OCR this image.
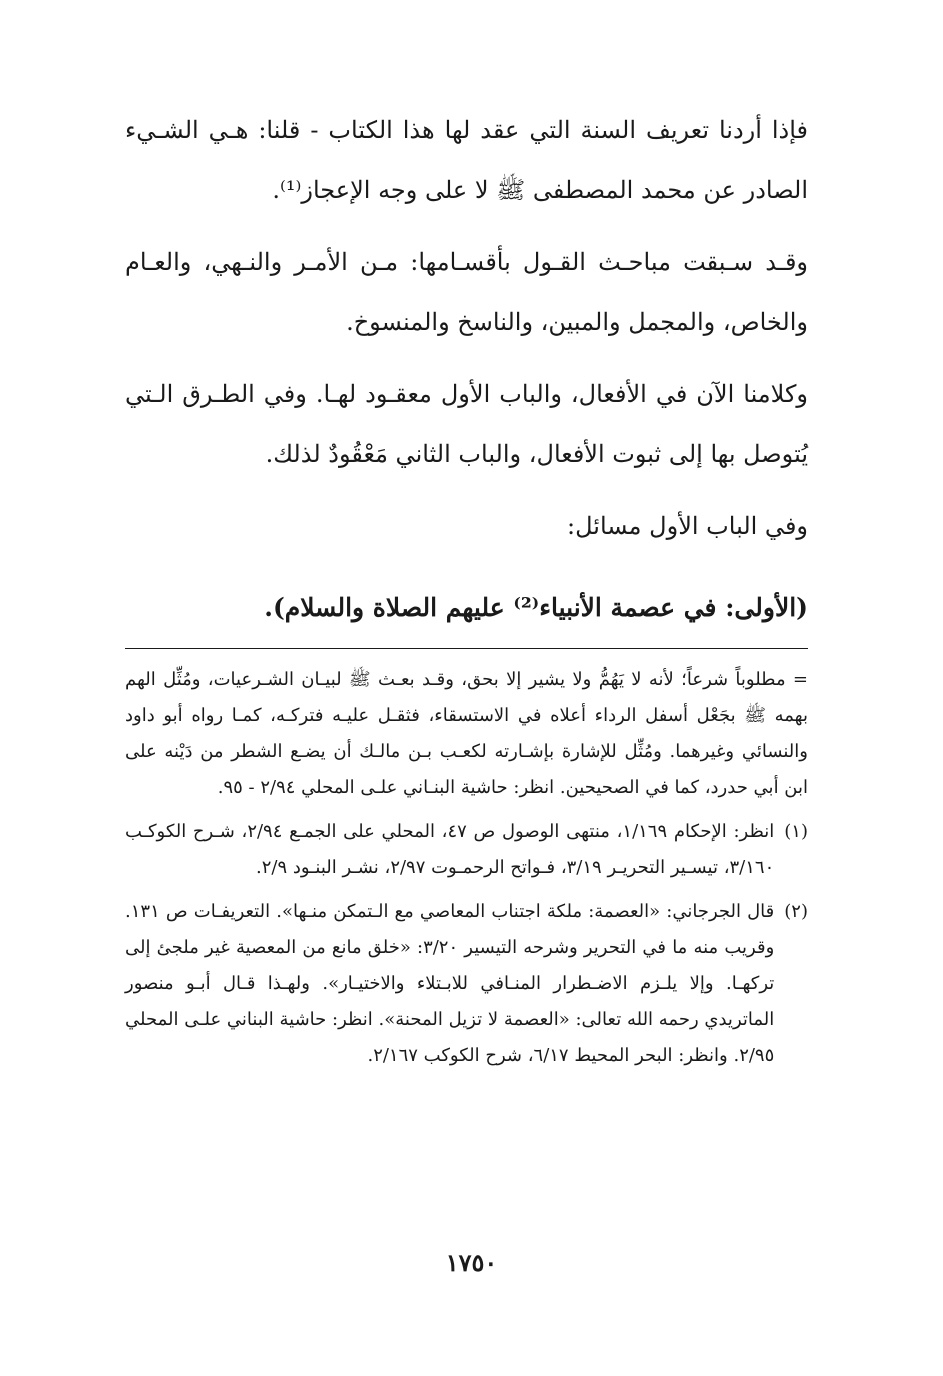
فإذا أردنا تعريف السنة التي عقد لها هذا الكتاب - قلنا: هـي الشـيء الصادر عن محمد المصطفى ﷺ لا على وجه الإعجاز⁽¹⁾.

وقـد سـبقت مباحـث القـول بأقسـامها: مـن الأمـر والنـهي، والعـام والخاص، والمجمل والمبين، والناسخ والمنسوخ.

وكلامنا الآن في الأفعال، والباب الأول معقـود لهـا. وفي الطـرق الـتي يُتوصل بها إلى ثبوت الأفعال، والباب الثاني مَعْقُودٌ لذلك.

وفي الباب الأول مسائل:

(الأولى: في عصمة الأنبياء⁽²⁾ عليهم الصلاة والسلام).

= مطلوباً شرعاً؛ لأنه لا يَهُمُّ ولا يشير إلا بحق، وقـد بعـث ﷺ لبيـان الشـرعيات، ومُثِّل الهم بهمه ﷺ بجَعْل أسفل الرداء أعلاه في الاستسقاء، فثقـل عليـه فتركـه، كمـا رواه أبو داود والنسائي وغيرهما. ومُثِّل للإشارة بإشـارته لكعـب بـن مالـك أن يضـع الشطر من دَيْنه على ابن أبي حدرد، كما في الصحيحين. انظر: حاشية البنـاني علـى المحلي ٢/٩٤ - ٩٥.
(١)
انظر: الإحكام ١/١٦٩، منتهى الوصول ص ٤٧، المحلي على الجمـع ٢/٩٤، شـرح الكوكـب ٣/١٦٠، تيسـير التحريـر ٣/١٩، فـواتح الرحمـوت ٢/٩٧، نشـر البنـود ٢/٩.
(٢)
قال الجرجاني: «العصمة: ملكة اجتناب المعاصي مع الـتمكن منـها». التعريفـات ص ١٣١. وقريب منه ما في التحرير وشرحه التيسير ٣/٢٠: «خلق مانع من المعصية غير ملجئ إلى تركهـا. وإلا يلـزم الاضـطرار المنـافي للابـتلاء والاختيـار». ولهـذا قـال أبـو منصور الماتريدي رحمه الله تعالى: «العصمة لا تزيل المحنة». انظر: حاشية البناني علـى المحلي ٢/٩٥. وانظر: البحر المحيط ٦/١٧، شرح الكوكب ٢/١٦٧.
١٧٥٠
